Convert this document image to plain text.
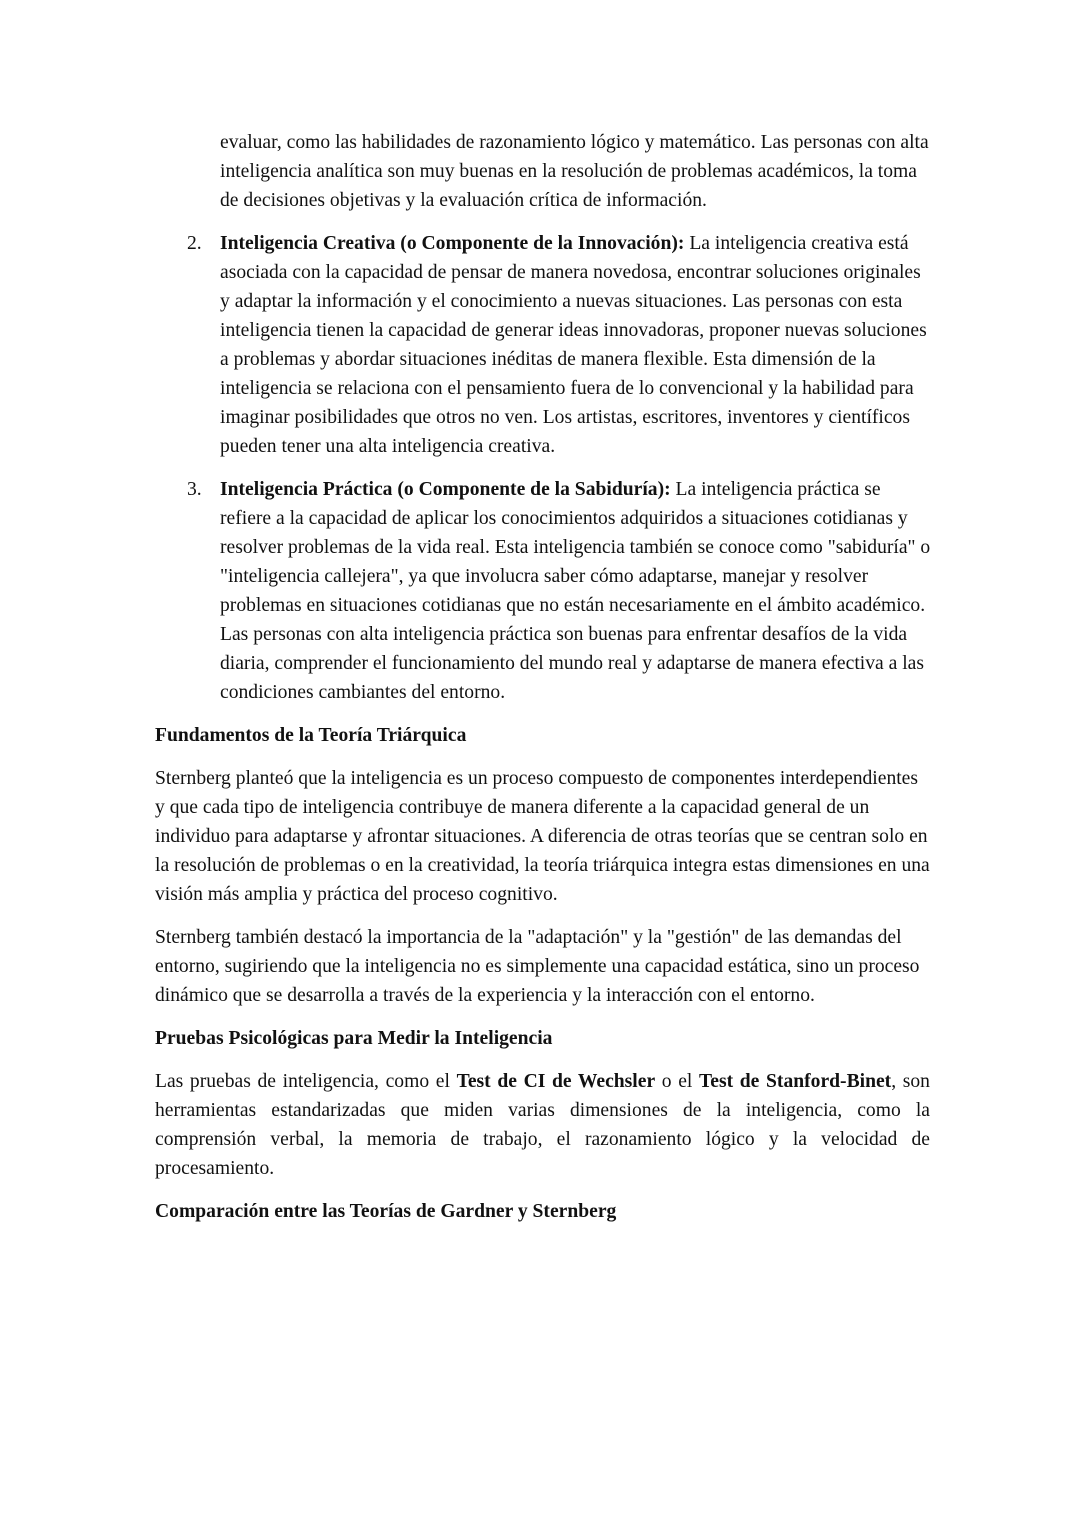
evaluar, como las habilidades de razonamiento lógico y matemático. Las personas con alta inteligencia analítica son muy buenas en la resolución de problemas académicos, la toma de decisiones objetivas y la evaluación crítica de información.
2. Inteligencia Creativa (o Componente de la Innovación): La inteligencia creativa está asociada con la capacidad de pensar de manera novedosa, encontrar soluciones originales y adaptar la información y el conocimiento a nuevas situaciones. Las personas con esta inteligencia tienen la capacidad de generar ideas innovadoras, proponer nuevas soluciones a problemas y abordar situaciones inéditas de manera flexible. Esta dimensión de la inteligencia se relaciona con el pensamiento fuera de lo convencional y la habilidad para imaginar posibilidades que otros no ven. Los artistas, escritores, inventores y científicos pueden tener una alta inteligencia creativa.
3. Inteligencia Práctica (o Componente de la Sabiduría): La inteligencia práctica se refiere a la capacidad de aplicar los conocimientos adquiridos a situaciones cotidianas y resolver problemas de la vida real. Esta inteligencia también se conoce como "sabiduría" o "inteligencia callejera", ya que involucra saber cómo adaptarse, manejar y resolver problemas en situaciones cotidianas que no están necesariamente en el ámbito académico. Las personas con alta inteligencia práctica son buenas para enfrentar desafíos de la vida diaria, comprender el funcionamiento del mundo real y adaptarse de manera efectiva a las condiciones cambiantes del entorno.
Fundamentos de la Teoría Triárquica

Sternberg planteó que la inteligencia es un proceso compuesto de componentes interdependientes y que cada tipo de inteligencia contribuye de manera diferente a la capacidad general de un individuo para adaptarse y afrontar situaciones. A diferencia de otras teorías que se centran solo en la resolución de problemas o en la creatividad, la teoría triárquica integra estas dimensiones en una visión más amplia y práctica del proceso cognitivo.

Sternberg también destacó la importancia de la "adaptación" y la "gestión" de las demandas del entorno, sugiriendo que la inteligencia no es simplemente una capacidad estática, sino un proceso dinámico que se desarrolla a través de la experiencia y la interacción con el entorno.

Pruebas Psicológicas para Medir la Inteligencia

Las pruebas de inteligencia, como el Test de CI de Wechsler o el Test de Stanford-Binet, son herramientas estandarizadas que miden varias dimensiones de la inteligencia, como la comprensión verbal, la memoria de trabajo, el razonamiento lógico y la velocidad de procesamiento.

Comparación entre las Teorías de Gardner y Sternberg
